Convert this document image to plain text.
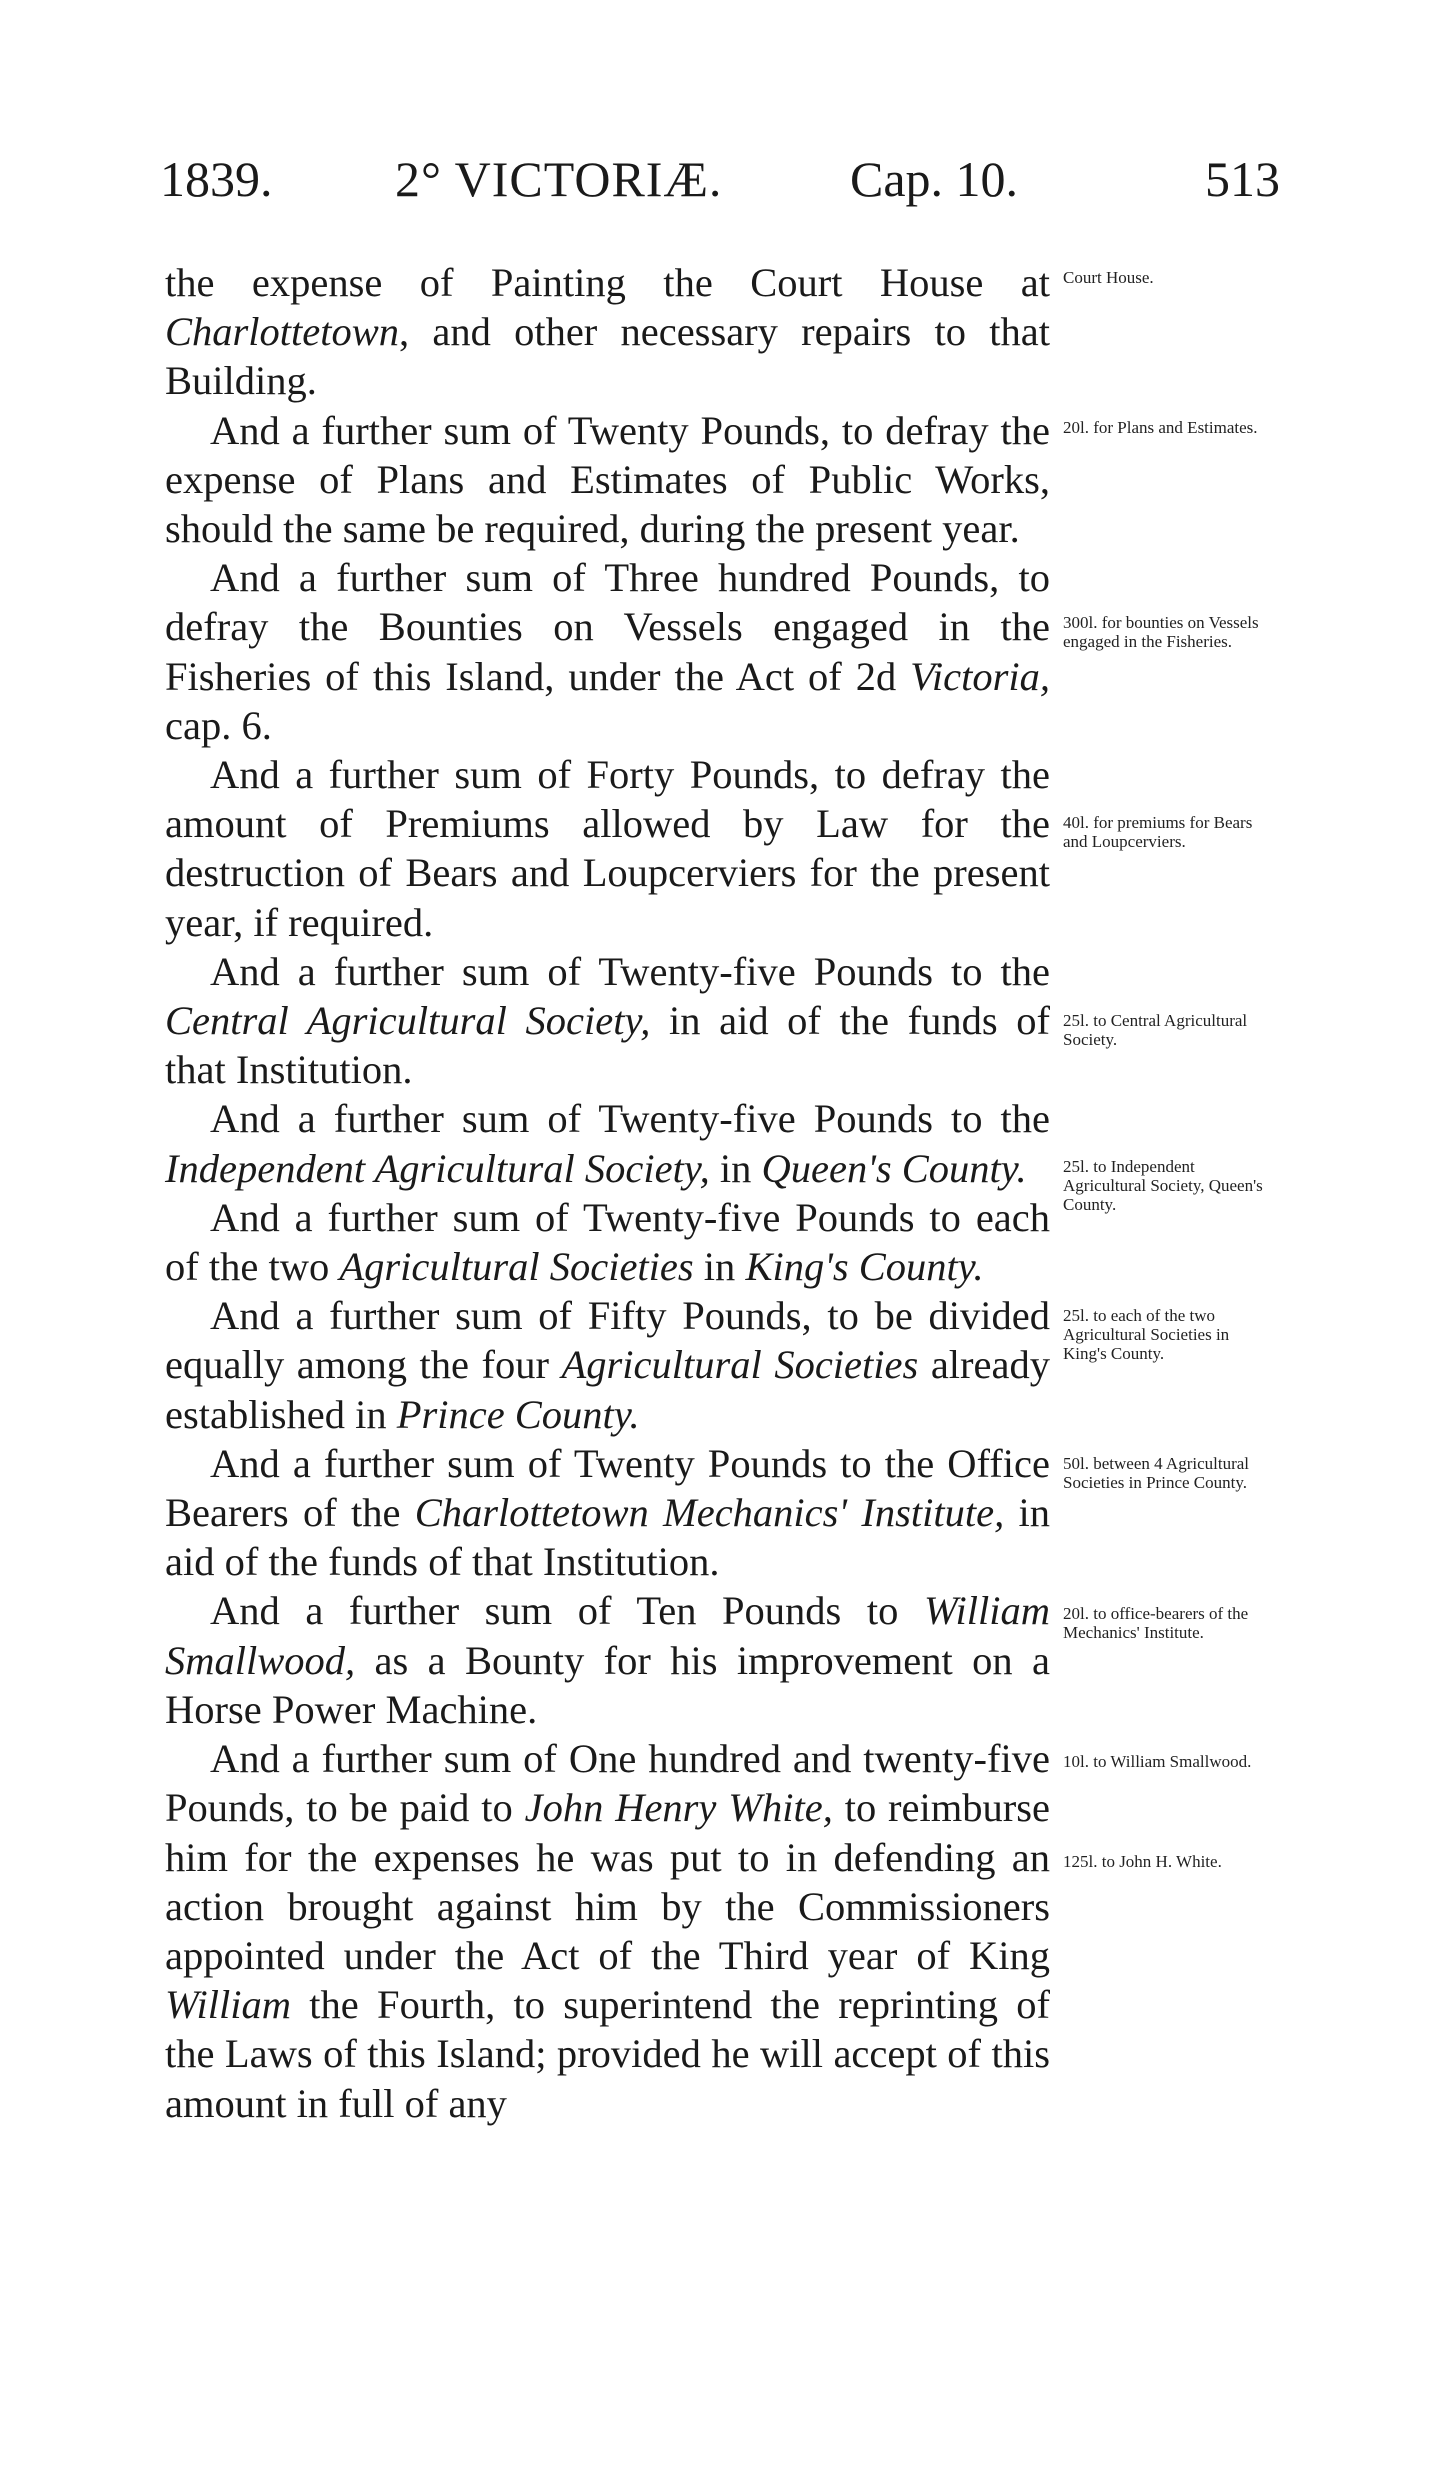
1839. 2° VICTORIÆ.	Cap. 10.	513

the expense of Painting the Court House at Charlottetown, and other necessary repairs to that Building.

And a further sum of Twenty Pounds, to defray the expense of Plans and Estimates of Public Works, should the same be required, during the present year.

And a further sum of Three hundred Pounds, to defray the Bounties on Vessels engaged in the Fisheries of this Island, under the Act of 2d Victoria, cap. 6.

And a further sum of Forty Pounds, to defray the amount of Premiums allowed by Law for the destruction of Bears and Loupcerviers for the present year, if required.

And a further sum of Twenty-five Pounds to the Central Agricultural Society, in aid of the funds of that Institution.

And a further sum of Twenty-five Pounds to the Independent Agricultural Society, in Queen's County.

And a further sum of Twenty-five Pounds to each of the two Agricultural Societies in King's County.

And a further sum of Fifty Pounds, to be divided equally among the four Agricultural Societies already established in Prince County.

And a further sum of Twenty Pounds to the Office Bearers of the Charlottetown Mechanics' Institute, in aid of the funds of that Institution.

And a further sum of Ten Pounds to William Smallwood, as a Bounty for his improvement on a Horse Power Machine.

And a further sum of One hundred and twenty-five Pounds, to be paid to John Henry White, to reimburse him for the expenses he was put to in defending an action brought against him by the Commissioners appointed under the Act of the Third year of King William the Fourth, to superintend the reprinting of the Laws of this Island; provided he will accept of this amount in full of any

Court House.
20l. for Plans and Estimates.
300l. for bounties on Vessels engaged in the Fisheries.
40l. for premiums for Bears and Loupcerviers.
25l. to Central Agricultural Society.
25l. to Independent Agricultural Society, Queen's County.
25l. to each of the two Agricultural Societies in King's County.
50l. between 4 Agricultural Societies in Prince County.
20l. to office-bearers of the Mechanics' Institute.
10l. to William Smallwood.
125l. to John H. White.
